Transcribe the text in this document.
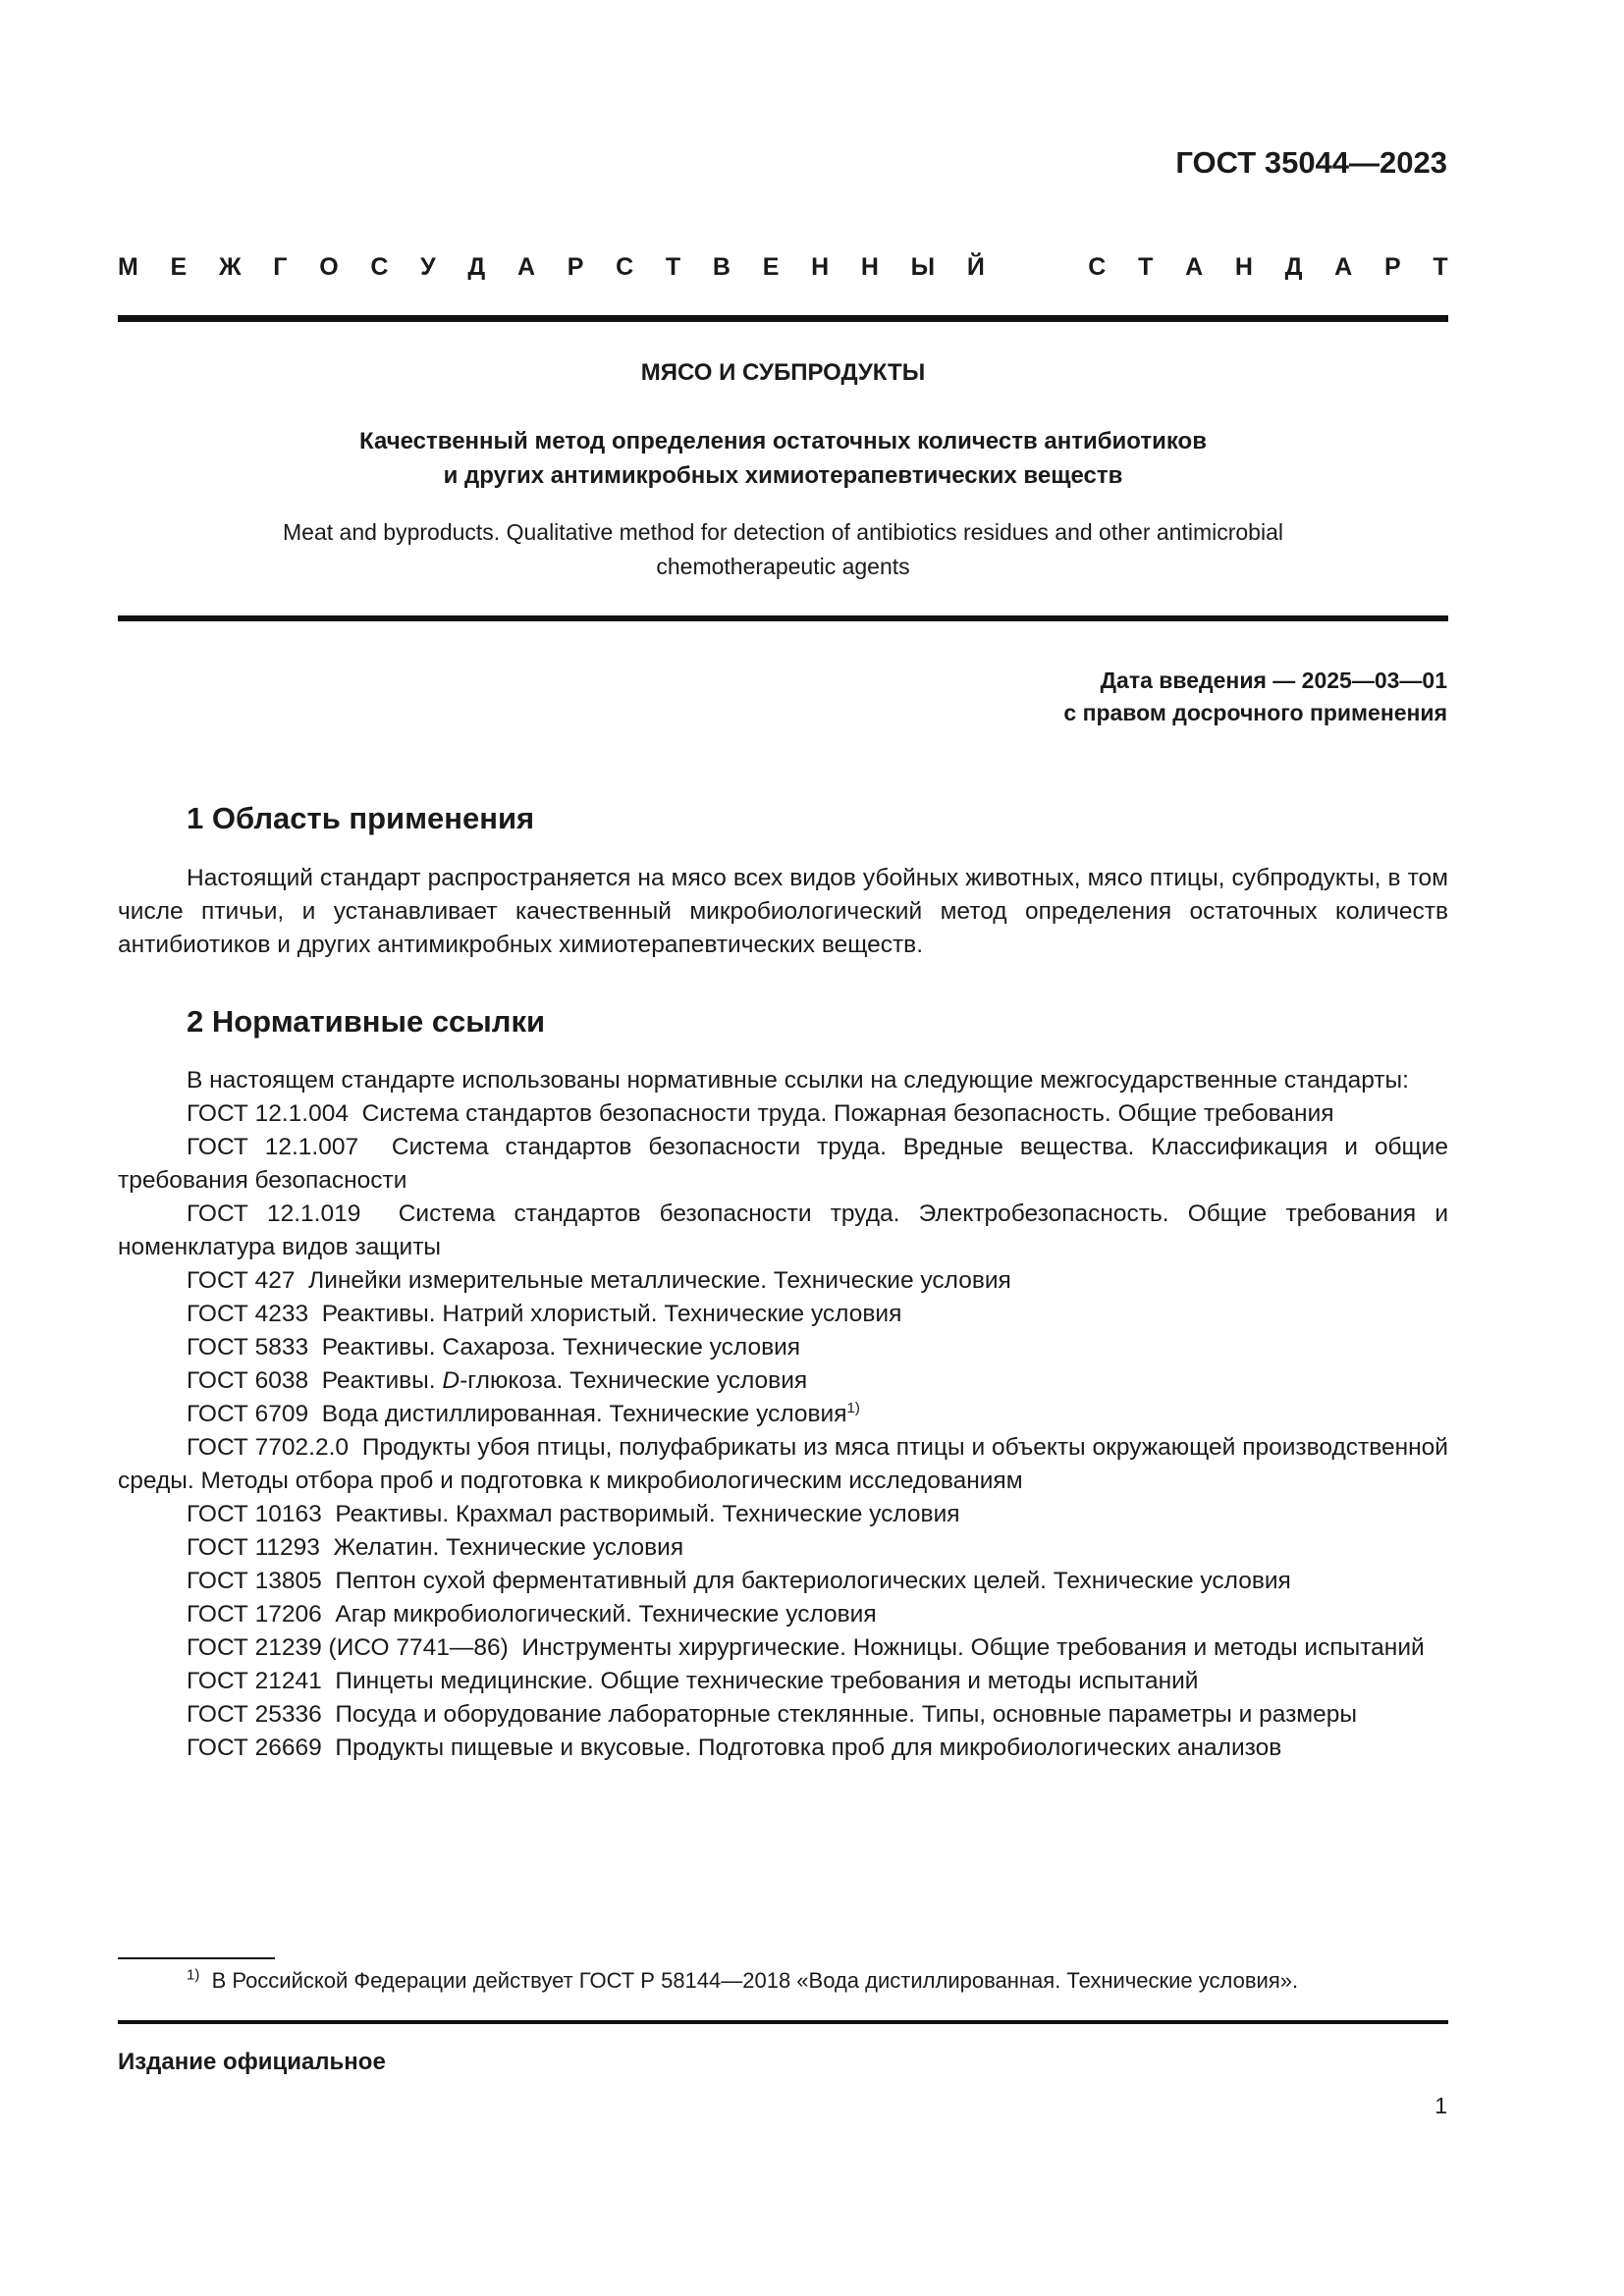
ГОСТ 35044—2023
М Е Ж Г О С У Д А Р С Т В Е Н Н Ы Й	С Т А Н Д А Р Т
МЯСО И СУБПРОДУКТЫ
Качественный метод определения остаточных количеств антибиотиков
и других антимикробных химиотерапевтических веществ
Meat and byproducts. Qualitative method for detection of antibiotics residues and other antimicrobial
chemotherapeutic agents
Дата введения — 2025—03—01
с правом досрочного применения
1 Область применения

Настоящий стандарт распространяется на мясо всех видов убойных животных, мясо птицы, субпродукты, в том числе птичьи, и устанавливает качественный микробиологический метод определения остаточных количеств антибиотиков и других антимикробных химиотерапевтических веществ.

2 Нормативные ссылки

В настоящем стандарте использованы нормативные ссылки на следующие межгосударственные стандарты:

ГОСТ 12.1.004 Система стандартов безопасности труда. Пожарная безопасность. Общие требования

ГОСТ 12.1.007 Система стандартов безопасности труда. Вредные вещества. Классификация и общие требования безопасности

ГОСТ 12.1.019 Система стандартов безопасности труда. Электробезопасность. Общие требования и номенклатура видов защиты

ГОСТ 427 Линейки измерительные металлические. Технические условия

ГОСТ 4233 Реактивы. Натрий хлористый. Технические условия

ГОСТ 5833 Реактивы. Сахароза. Технические условия

ГОСТ 6038 Реактивы. D-глюкоза. Технические условия

ГОСТ 6709 Вода дистиллированная. Технические условия$^{1)}$

ГОСТ 7702.2.0 Продукты убоя птицы, полуфабрикаты из мяса птицы и объекты окружающей производственной среды. Методы отбора проб и подготовка к микробиологическим исследованиям

ГОСТ 10163 Реактивы. Крахмал растворимый. Технические условия

ГОСТ 11293 Желатин. Технические условия

ГОСТ 13805 Пептон сухой ферментативный для бактериологических целей. Технические условия

ГОСТ 17206 Агар микробиологический. Технические условия

ГОСТ 21239 (ИСО 7741—86) Инструменты хирургические. Ножницы. Общие требования и методы испытаний

ГОСТ 21241 Пинцеты медицинские. Общие технические требования и методы испытаний

ГОСТ 25336 Посуда и оборудование лабораторные стеклянные. Типы, основные параметры и размеры

ГОСТ 26669 Продукты пищевые и вкусовые. Подготовка проб для микробиологических анализов

$^{1)}$ В Российской Федерации действует ГОСТ Р 58144—2018 «Вода дистиллированная. Технические условия».
Издание официальное
1
